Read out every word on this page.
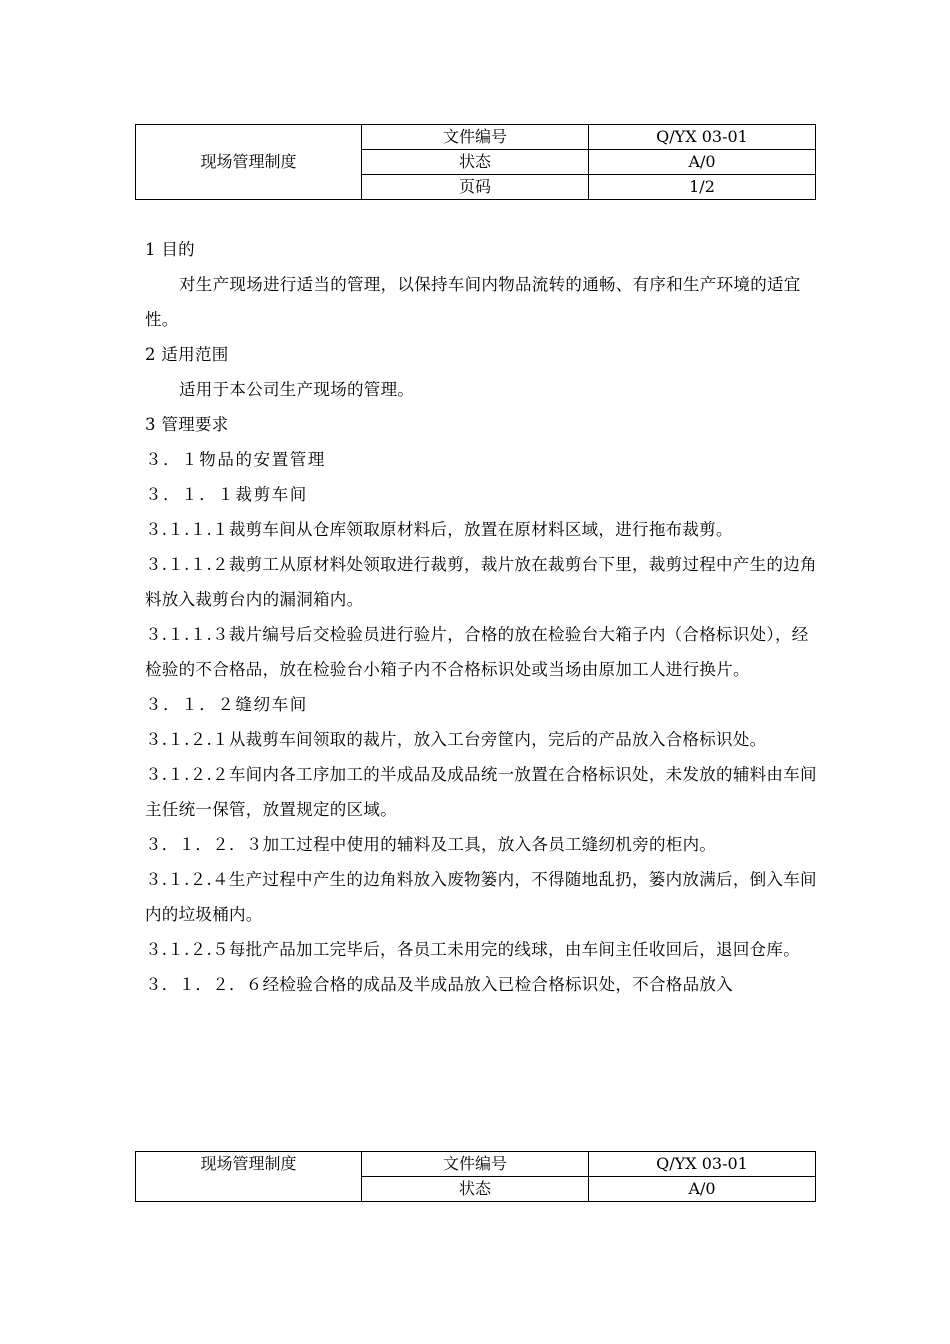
现场管理制度	文件编号	Q/YX 03-01
	状态	A/0
	页码	1/2

1 目的

对生产现场进行适当的管理，以保持车间内物品流转的通畅、有序和生产环境的适宜性。

2 适用范围

适用于本公司生产现场的管理。

3 管理要求

３．１物品的安置管理

３．１．１裁剪车间

３.１.１.１裁剪车间从仓库领取原材料后，放置在原材料区域，进行拖布裁剪。

３.１.１.２裁剪工从原材料处领取进行裁剪，裁片放在裁剪台下里，裁剪过程中产生的边角料放入裁剪台内的漏洞箱内。

３.１.１.３裁片编号后交检验员进行验片，合格的放在检验台大箱子内（合格标识处），经检验的不合格品，放在检验台小箱子内不合格标识处或当场由原加工人进行换片。

３．１．２缝纫车间

３.１.２.１从裁剪车间领取的裁片，放入工台旁筐内，完后的产品放入合格标识处。

３.１.２.２车间内各工序加工的半成品及成品统一放置在合格标识处，未发放的辅料由车间主任统一保管，放置规定的区域。

３．１．２．３加工过程中使用的辅料及工具，放入各员工缝纫机旁的柜内。

３.１.２.４生产过程中产生的边角料放入废物篓内，不得随地乱扔，篓内放满后，倒入车间内的垃圾桶内。

３.１.２.５每批产品加工完毕后，各员工未用完的线球，由车间主任收回后，退回仓库。

３．１．２．６经检验合格的成品及半成品放入已检合格标识处，不合格品放入

现场管理制度	文件编号	Q/YX 03-01
	状态	A/0
